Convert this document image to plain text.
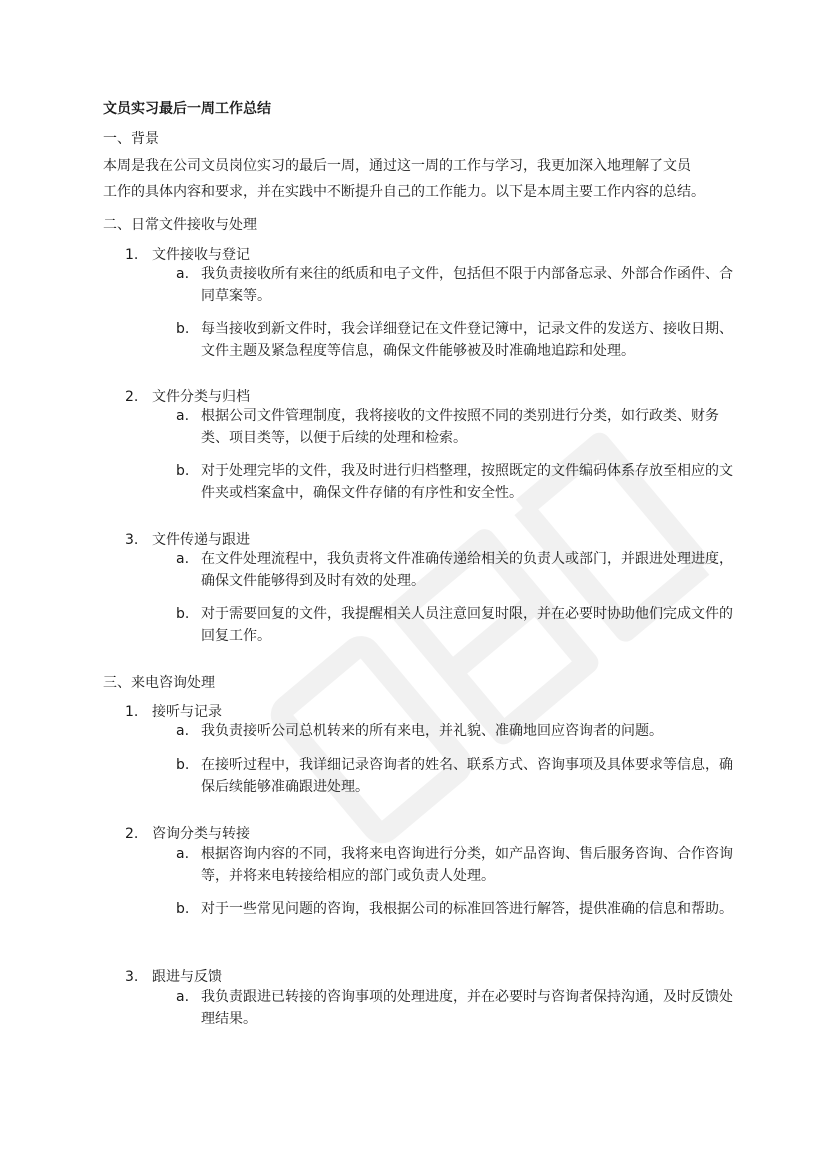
文员实习最后一周工作总结
一、背景
本周是我在公司文员岗位实习的最后一周，通过这一周的工作与学习，我更加深入地理解了文员
工作的具体内容和要求，并在实践中不断提升自己的工作能力。以下是本周主要工作内容的总结。
二、日常文件接收与处理
1. 文件接收与登记
a. 我负责接收所有来往的纸质和电子文件，包括但不限于内部备忘录、外部合作函件、合同草案等。
b. 每当接收到新文件时，我会详细登记在文件登记簿中，记录文件的发送方、接收日期、文件主题及紧急程度等信息，确保文件能够被及时准确地追踪和处理。
2. 文件分类与归档
a. 根据公司文件管理制度，我将接收的文件按照不同的类别进行分类，如行政类、财务类、项目类等，以便于后续的处理和检索。
b. 对于处理完毕的文件，我及时进行归档整理，按照既定的文件编码体系存放至相应的文件夹或档案盒中，确保文件存储的有序性和安全性。
3. 文件传递与跟进
a. 在文件处理流程中，我负责将文件准确传递给相关的负责人或部门，并跟进处理进度，确保文件能够得到及时有效的处理。
b. 对于需要回复的文件，我提醒相关人员注意回复时限，并在必要时协助他们完成文件的回复工作。
三、来电咨询处理
1. 接听与记录
a. 我负责接听公司总机转来的所有来电，并礼貌、准确地回应咨询者的问题。
b. 在接听过程中，我详细记录咨询者的姓名、联系方式、咨询事项及具体要求等信息，确保后续能够准确跟进处理。
2. 咨询分类与转接
a. 根据咨询内容的不同，我将来电咨询进行分类，如产品咨询、售后服务咨询、合作咨询等，并将来电转接给相应的部门或负责人处理。
b. 对于一些常见问题的咨询，我根据公司的标准回答进行解答，提供准确的信息和帮助。
3. 跟进与反馈
a. 我负责跟进已转接的咨询事项的处理进度，并在必要时与咨询者保持沟通，及时反馈处理结果。
